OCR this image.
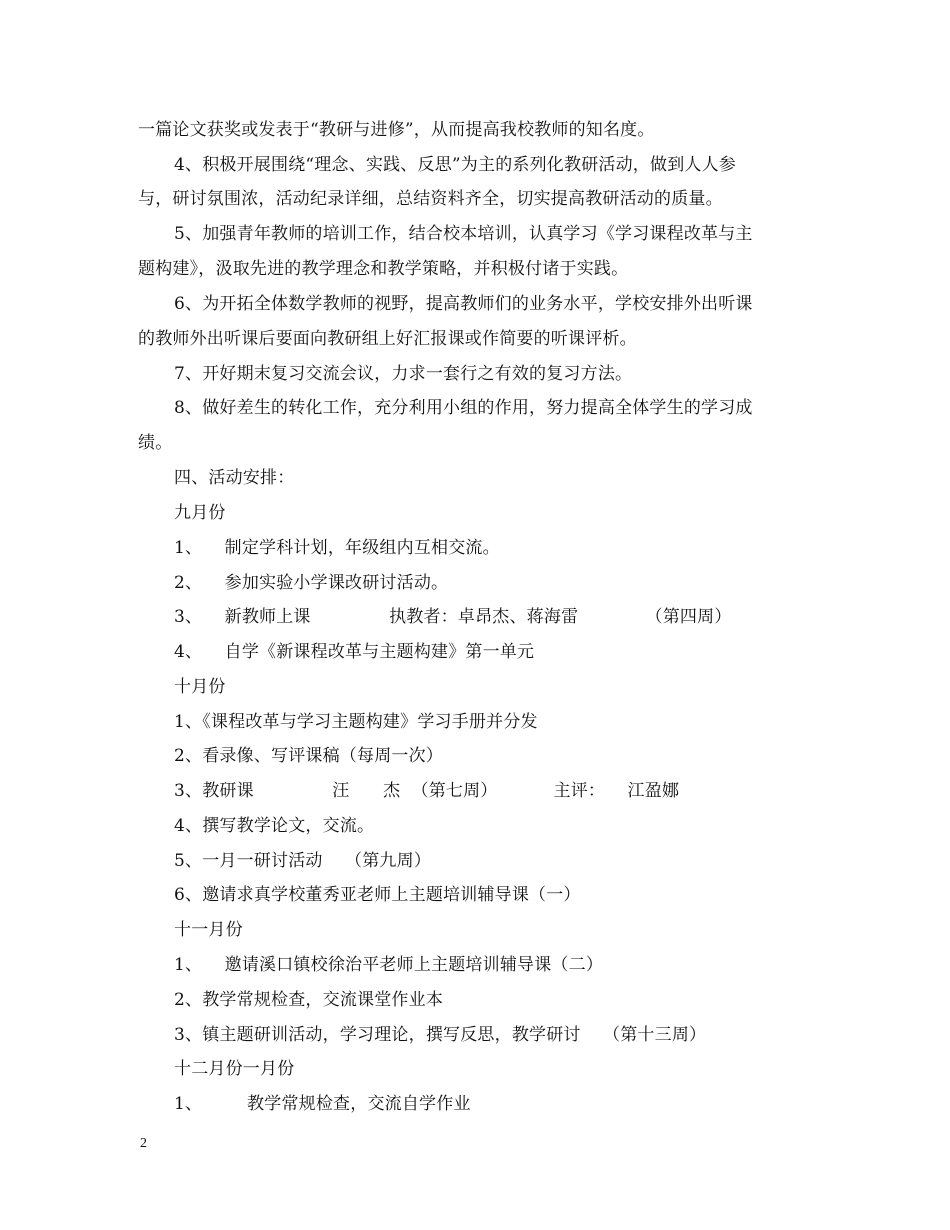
一篇论文获奖或发表于“教研与进修”，从而提高我校教师的知名度。
4、积极开展围绕“理念、实践、反思”为主的系列化教研活动，做到人人参
与，研讨氛围浓，活动纪录详细，总结资料齐全，切实提高教研活动的质量。
5、加强青年教师的培训工作，结合校本培训，认真学习《学习课程改革与主
题构建》，汲取先进的教学理念和教学策略，并积极付诸于实践。
6、为开拓全体数学教师的视野，提高教师们的业务水平，学校安排外出听课
的教师外出听课后要面向教研组上好汇报课或作简要的听课评析。
7、开好期末复习交流会议，力求一套行之有效的复习方法。
8、做好差生的转化工作，充分利用小组的作用，努力提高全体学生的学习成
绩。
四、活动安排：
九月份
1、    制定学科计划，年级组内互相交流。
2、    参加实验小学课改研讨活动。
3、    新教师上课              执教者：卓昂杰、蒋海雷            （第四周）
4、    自学《新课程改革与主题构建》第一单元
十月份
1、《课程改革与学习主题构建》学习手册并分发
2、看录像、写评课稿（每周一次）
3、教研课              汪      杰  （第七周）          主评：    江盈娜
4、撰写教学论文，交流。
5、一月一研讨活动    （第九周）
6、邀请求真学校董秀亚老师上主题培训辅导课（一）
十一月份
1、    邀请溪口镇校徐治平老师上主题培训辅导课（二）
2、教学常规检查，交流课堂作业本
3、镇主题研训活动，学习理论，撰写反思，教学研讨    （第十三周）
十二月份一月份
1、        教学常规检查，交流自学作业
2
